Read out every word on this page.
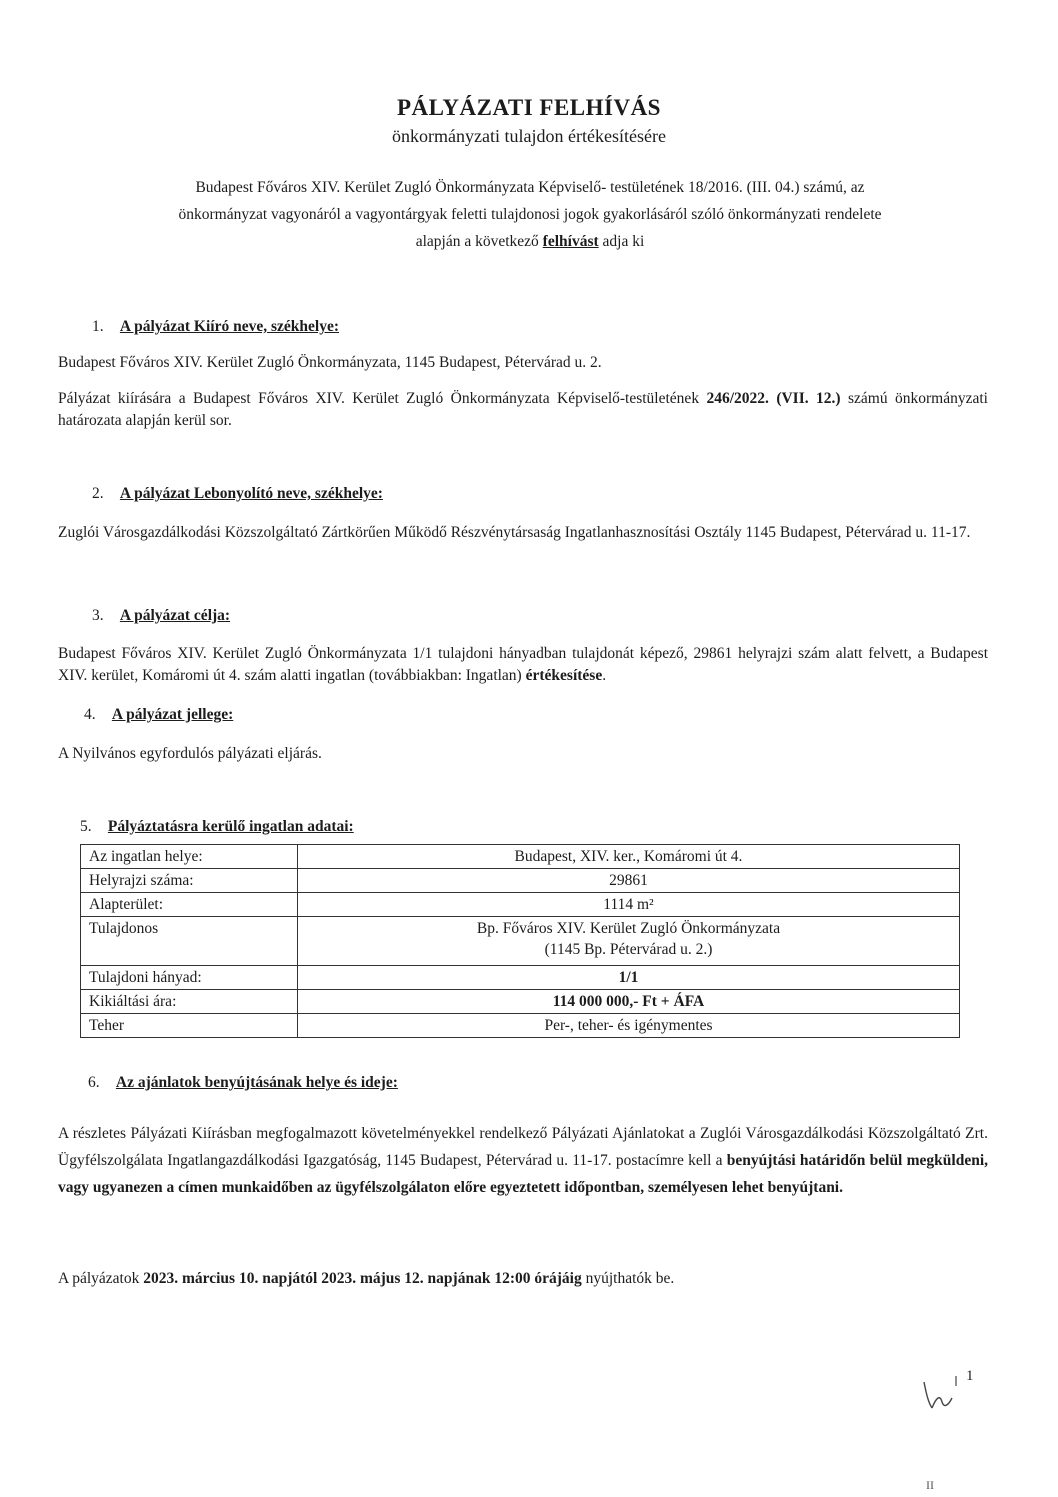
PÁLYÁZATI FELHÍVÁS
önkormányzati tulajdon értékesítésére
Budapest Főváros XIV. Kerület Zugló Önkormányzata Képviselő- testületének 18/2016. (III. 04.) számú, az
önkormányzat vagyonáról a vagyontárgyak feletti tulajdonosi jogok gyakorlásáról szóló önkormányzati rendelete
alapján a következő felhívást adja ki
1. A pályázat Kiíró neve, székhelye:
Budapest Főváros XIV. Kerület Zugló Önkormányzata, 1145 Budapest, Pétervárad u. 2.
Pályázat kiírására a Budapest Főváros XIV. Kerület Zugló Önkormányzata Képviselő-testületének 246/2022. (VII. 12.) számú önkormányzati határozata alapján kerül sor.
2. A pályázat Lebonyolító neve, székhelye:
Zuglói Városgazdálkodási Közszolgáltató Zártkörűen Működő Részvénytársaság Ingatlanhasznosítási Osztály 1145 Budapest, Pétervárad u. 11-17.
3. A pályázat célja:
Budapest Főváros XIV. Kerület Zugló Önkormányzata 1/1 tulajdoni hányadban tulajdonát képező, 29861 helyrajzi szám alatt felvett, a Budapest XIV. kerület, Komáromi út 4. szám alatti ingatlan (továbbiakban: Ingatlan) értékesítése.
4. A pályázat jellege:
A Nyilvános egyfordulós pályázati eljárás.
5. Pályáztatásra kerülő ingatlan adatai:
Az ingatlan helye:	Budapest, XIV. ker., Komáromi út 4.
Helyrajzi száma:	29861
Alapterület:	1114 m²
Tulajdonos	Bp. Főváros XIV. Kerület Zugló Önkormányzata
(1145 Bp. Pétervárad u. 2.)
Tulajdoni hányad:	1/1
Kikiáltási ára:	114 000 000,- Ft + ÁFA
Teher	Per-, teher- és igénymentes
6. Az ajánlatok benyújtásának helye és ideje:
A részletes Pályázati Kiírásban megfogalmazott követelményekkel rendelkező Pályázati Ajánlatokat a Zuglói Városgazdálkodási Közszolgáltató Zrt. Ügyfélszolgálata Ingatlangazdálkodási Igazgatóság, 1145 Budapest, Pétervárad u. 11-17. postacímre kell a benyújtási határidőn belül megküldeni, vagy ugyanezen a címen munkaidőben az ügyfélszolgálaton előre egyeztetett időpontban, személyesen lehet benyújtani.
A pályázatok 2023. március 10. napjától 2023. május 12. napjának 12:00 órájáig nyújthatók be.
1
II
